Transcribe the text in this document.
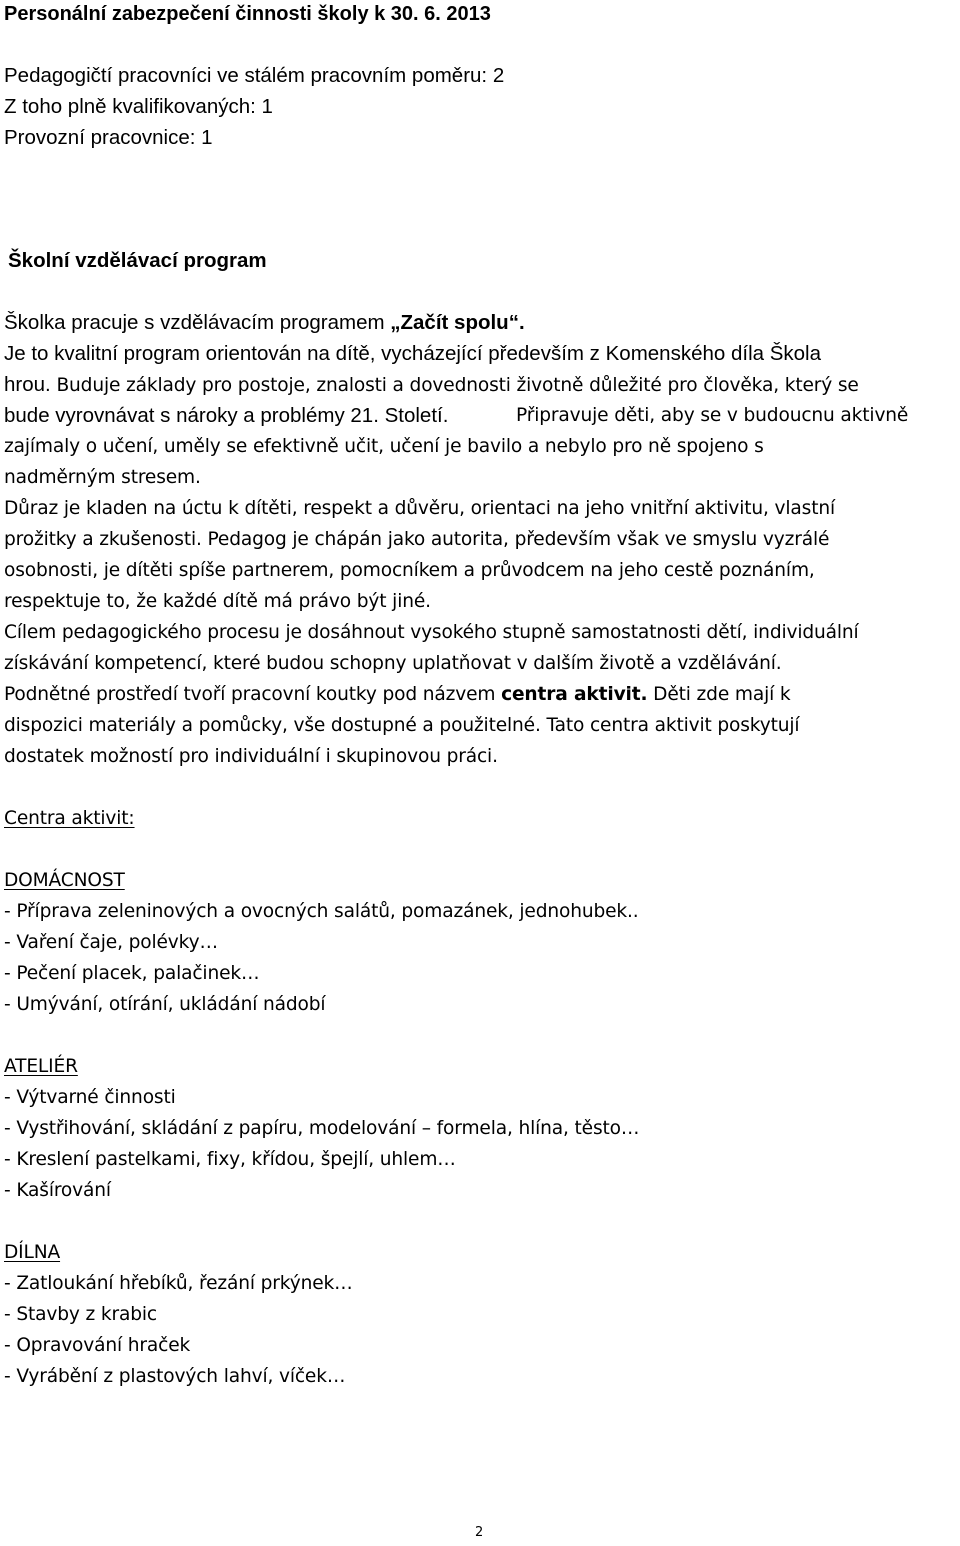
Personální zabezpečení činnosti školy k 30. 6. 2013
Pedagogičtí pracovníci ve stálém pracovním poměru: 2
Z toho plně kvalifikovaných: 1
Provozní pracovnice: 1
Školní vzdělávací program
Školka pracuje s vzdělávacím programem „Začít spolu“.
Je to kvalitní program orientován na dítě, vycházející především z Komenského díla Škola
hrou. Buduje základy pro postoje, znalosti a dovednosti životně důležité pro člověka, který se
bude vyrovnávat s nároky a problémy 21. Století.	Připravuje děti, aby se v budoucnu aktivně
zajímaly o učení, uměly se efektivně učit, učení je bavilo a nebylo pro ně spojeno s
nadměrným stresem.
Důraz je kladen na úctu k dítěti, respekt a důvěru, orientaci na jeho vnitřní aktivitu, vlastní
prožitky a zkušenosti. Pedagog je chápán jako autorita, především však ve smyslu vyzrálé
osobnosti, je dítěti spíše partnerem, pomocníkem a průvodcem na jeho cestě poznáním,
respektuje to, že každé dítě má právo být jiné.
Cílem pedagogického procesu je dosáhnout vysokého stupně samostatnosti dětí, individuální
získávání kompetencí, které budou schopny uplatňovat v dalším životě a vzdělávání.
Podnětné prostředí tvoří pracovní koutky pod názvem centra aktivit. Děti zde mají k
dispozici materiály a pomůcky, vše dostupné a použitelné. Tato centra aktivit poskytují
dostatek možností pro individuální i skupinovou práci.
Centra aktivit:
DOMÁCNOST
- Příprava zeleninových a ovocných salátů, pomazánek, jednohubek..
- Vaření čaje, polévky…
- Pečení placek, palačinek…
- Umývání, otírání, ukládání nádobí
ATELIÉR
- Výtvarné činnosti
- Vystřihování, skládání z papíru, modelování – formela, hlína, těsto…
- Kreslení pastelkami, fixy, křídou, špejlí, uhlem…
- Kašírování
DÍLNA
- Zatloukání hřebíků, řezání prkýnek…
- Stavby z krabic
- Opravování hraček
- Vyrábění z plastových lahví, víček…
2
